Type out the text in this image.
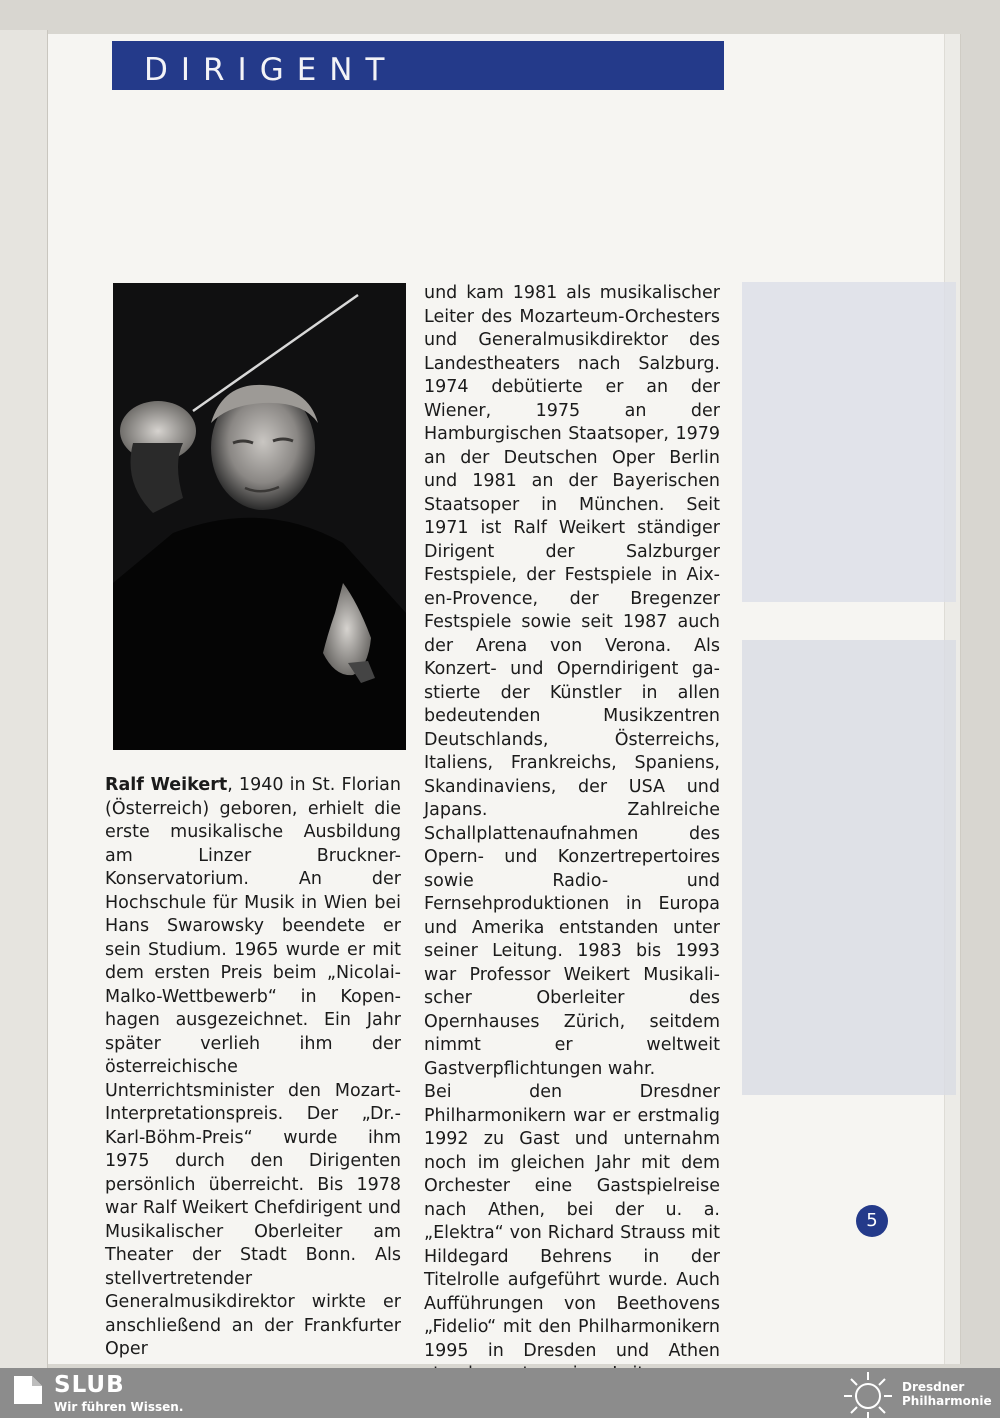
DIRIGENT

Ralf Weikert, 1940 in St. Florian (Österreich) geboren, erhielt die erste musikalische Ausbildung am Linzer Bruckner-Konservatorium. An der Hochschule für Musik in Wien bei Hans Swarowsky beendete er sein Studium. 1965 wurde er mit dem ersten Preis beim „Nicolai-Malko-Wettbewerb“ in Kopenhagen ausgezeichnet. Ein Jahr später verlieh ihm der österreichische Unterrichtsminister den Mozart-Interpretationspreis. Der „Dr.-Karl-Böhm-Preis“ wurde ihm 1975 durch den Dirigenten persönlich überreicht. Bis 1978 war Ralf Weikert Chefdirigent und Musikalischer Oberleiter am Theater der Stadt Bonn. Als stellvertretender Generalmusikdirektor wirkte er anschließend an der Frankfurter Oper

und kam 1981 als musikalischer Leiter des Mozarteum-Orchesters und Generalmusikdirektor des Landestheaters nach Salzburg. 1974 debütierte er an der Wiener, 1975 an der Hamburgischen Staatsoper, 1979 an der Deutschen Oper Berlin und 1981 an der Bayerischen Staatsoper in München. Seit 1971 ist Ralf Weikert ständiger Dirigent der Salzburger Festspiele, der Festspiele in Aix-en-Provence, der Bregenzer Festspiele sowie seit 1987 auch der Arena von Verona. Als Konzert- und Operndirigent gastierte der Künstler in allen bedeutenden Musikzentren Deutschlands, Österreichs, Italiens, Frankreichs, Spaniens, Skandinaviens, der USA und Japans. Zahlreiche Schallplattenaufnahmen des Opern- und Konzertrepertoires sowie Radio- und Fernsehproduktionen in Europa und Amerika entstanden unter seiner Leitung. 1983 bis 1993 war Professor Weikert Musikalischer Oberleiter des Opernhauses Zürich, seitdem nimmt er weltweit Gastverpflichtungen wahr.

Bei den Dresdner Philharmonikern war er erstmalig 1992 zu Gast und unternahm noch im gleichen Jahr mit dem Orchester eine Gastspielreise nach Athen, bei der u. a. „Elektra“ von Richard Strauss mit Hildegard Behrens in der Titelrolle aufgeführt wurde. Auch Aufführungen von Beethovens „Fidelio“ mit den Philharmonikern 1995 in Dresden und Athen

5
SLUB
Wir führen Wissen.
Dresdner
Philharmonie
